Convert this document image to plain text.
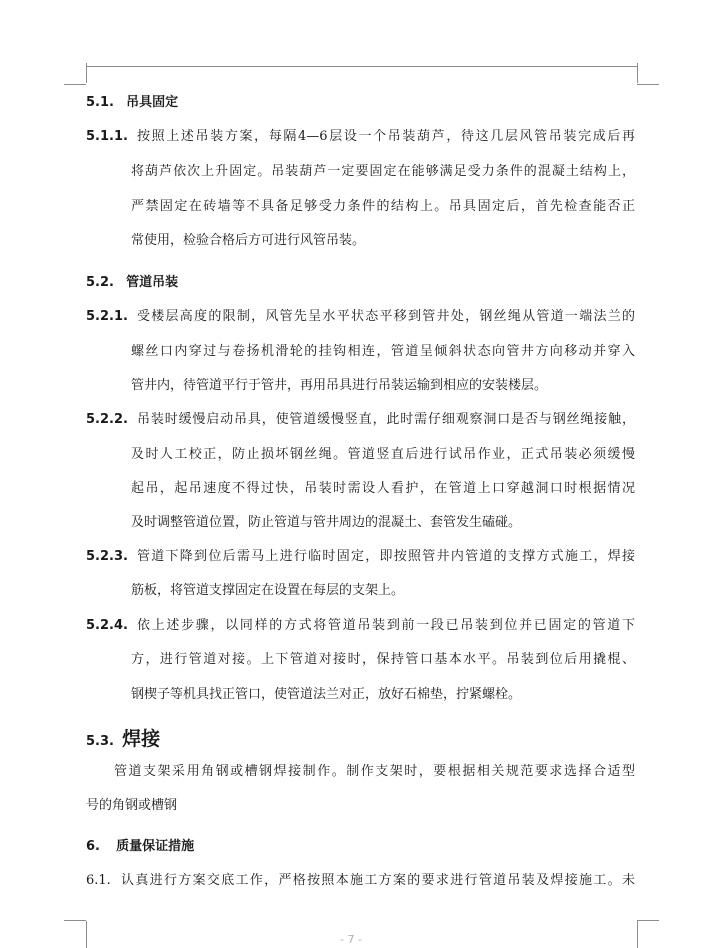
5.1. 吊具固定
5.1.1. 按照上述吊装方案，每隔4—6层设一个吊装葫芦，待这几层风管吊装完成后再
将葫芦依次上升固定。吊装葫芦一定要固定在能够满足受力条件的混凝土结构上，
严禁固定在砖墙等不具备足够受力条件的结构上。吊具固定后，首先检查能否正
常使用，检验合格后方可进行风管吊装。
5.2. 管道吊装
5.2.1. 受楼层高度的限制，风管先呈水平状态平移到管井处，钢丝绳从管道一端法兰的
螺丝口内穿过与卷扬机滑轮的挂钩相连，管道呈倾斜状态向管井方向移动并穿入
管井内，待管道平行于管井，再用吊具进行吊装运输到相应的安装楼层。
5.2.2. 吊装时缓慢启动吊具，使管道缓慢竖直，此时需仔细观察洞口是否与钢丝绳接触，
及时人工校正，防止损坏钢丝绳。管道竖直后进行试吊作业，正式吊装必须缓慢
起吊，起吊速度不得过快，吊装时需设人看护，在管道上口穿越洞口时根据情况
及时调整管道位置，防止管道与管井周边的混凝土、套管发生磕碰。
5.2.3. 管道下降到位后需马上进行临时固定，即按照管井内管道的支撑方式施工，焊接
筋板，将管道支撑固定在设置在每层的支架上。
5.2.4. 依上述步骤，以同样的方式将管道吊装到前一段已吊装到位并已固定的管道下
方，进行管道对接。上下管道对接时，保持管口基本水平。吊装到位后用撬棍、
钢楔子等机具找正管口，使管道法兰对正，放好石棉垫，拧紧螺栓。
5.3. 焊接
管道支架采用角钢或槽钢焊接制作。制作支架时，要根据相关规范要求选择合适型
号的角钢或槽钢
6. 质量保证措施
6.1. 认真进行方案交底工作，严格按照本施工方案的要求进行管道吊装及焊接施工。未
- 7 -
